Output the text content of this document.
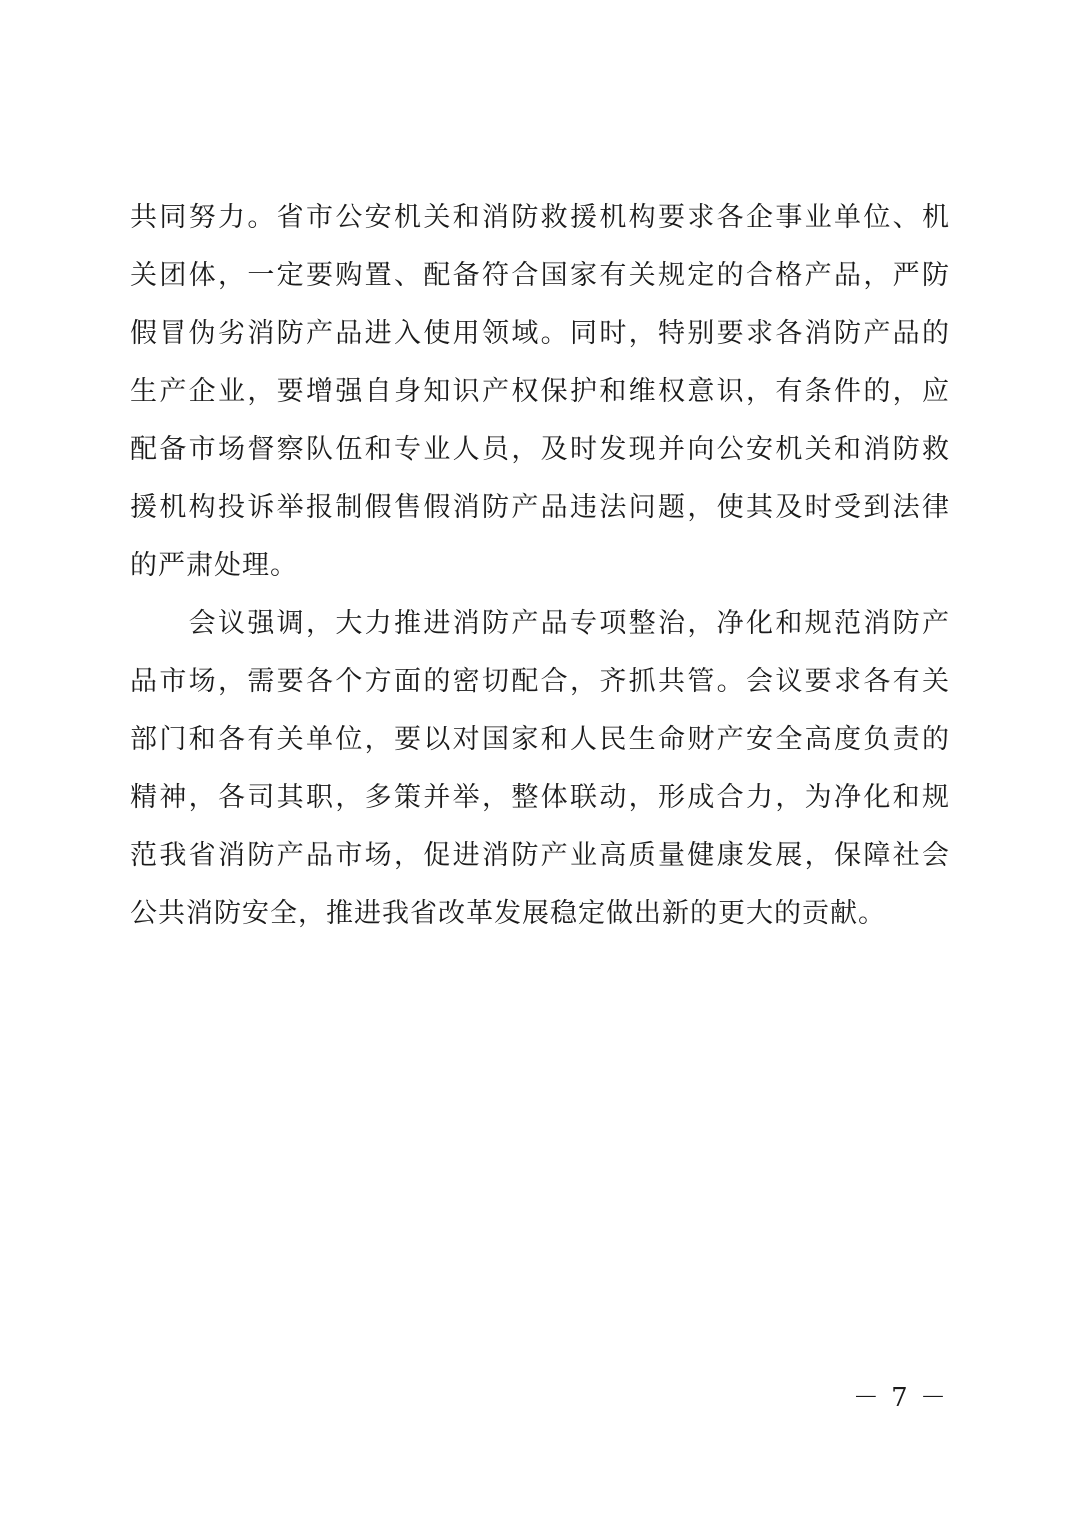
共同努力。省市公安机关和消防救援机构要求各企事业单位、机
关团体，一定要购置、配备符合国家有关规定的合格产品，严防
假冒伪劣消防产品进入使用领域。同时，特别要求各消防产品的
生产企业，要增强自身知识产权保护和维权意识，有条件的，应
配备市场督察队伍和专业人员，及时发现并向公安机关和消防救
援机构投诉举报制假售假消防产品违法问题，使其及时受到法律
的严肃处理。
　　会议强调，大力推进消防产品专项整治，净化和规范消防产
品市场，需要各个方面的密切配合，齐抓共管。会议要求各有关
部门和各有关单位，要以对国家和人民生命财产安全高度负责的
精神，各司其职，多策并举，整体联动，形成合力，为净化和规
范我省消防产品市场，促进消防产业高质量健康发展，保障社会
公共消防安全，推进我省改革发展稳定做出新的更大的贡献。
－ 7 －
